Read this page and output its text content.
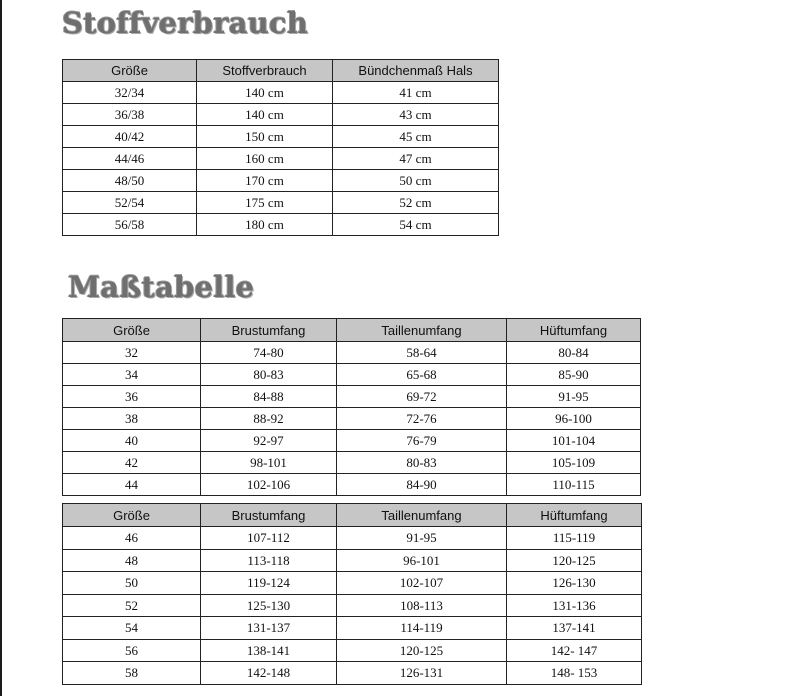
Stoffverbrauch
Größe	Stoffverbrauch	Bündchenmaß Hals
32/34	140 cm	41 cm
36/38	140 cm	43 cm
40/42	150 cm	45 cm
44/46	160 cm	47 cm
48/50	170 cm	50 cm
52/54	175 cm	52 cm
56/58	180 cm	54 cm
Maßtabelle
Größe	Brustumfang	Taillenumfang	Hüftumfang
32	74-80	58-64	80-84
34	80-83	65-68	85-90
36	84-88	69-72	91-95
38	88-92	72-76	96-100
40	92-97	76-79	101-104
42	98-101	80-83	105-109
44	102-106	84-90	110-115
Größe	Brustumfang	Taillenumfang	Hüftumfang
46	107-112	91-95	115-119
48	113-118	96-101	120-125
50	119-124	102-107	126-130
52	125-130	108-113	131-136
54	131-137	114-119	137-141
56	138-141	120-125	142- 147
58	142-148	126-131	148- 153
